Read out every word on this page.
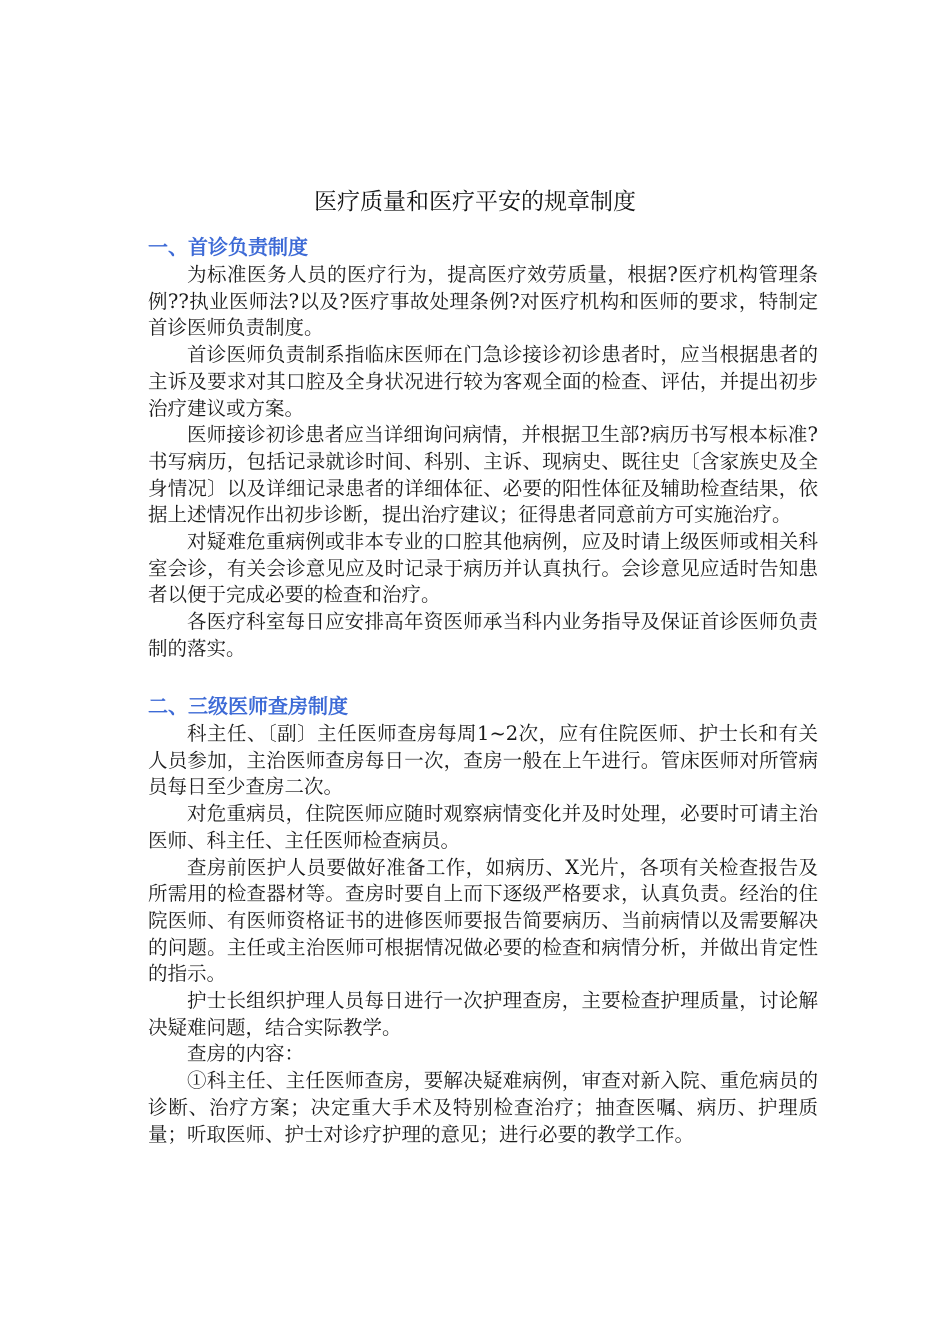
医疗质量和医疗平安的规章制度
一、首诊负责制度

为标准医务人员的医疗行为，提高医疗效劳质量，根据?医疗机构管理条例??执业医师法?以及?医疗事故处理条例?对医疗机构和医师的要求，特制定首诊医师负责制度。

首诊医师负责制系指临床医师在门急诊接诊初诊患者时，应当根据患者的主诉及要求对其口腔及全身状况进行较为客观全面的检查、评估，并提出初步治疗建议或方案。

医师接诊初诊患者应当详细询问病情，并根据卫生部?病历书写根本标准?书写病历，包括记录就诊时间、科别、主诉、现病史、既往史〔含家族史及全身情况〕以及详细记录患者的详细体征、必要的阳性体征及辅助检查结果，依据上述情况作出初步诊断，提出治疗建议；征得患者同意前方可实施治疗。

对疑难危重病例或非本专业的口腔其他病例，应及时请上级医师或相关科室会诊，有关会诊意见应及时记录于病历并认真执行。会诊意见应适时告知患者以便于完成必要的检查和治疗。

各医疗科室每日应安排高年资医师承当科内业务指导及保证首诊医师负责制的落实。

二、三级医师查房制度

科主任、〔副〕主任医师查房每周1~2次，应有住院医师、护士长和有关人员参加，主治医师查房每日一次，查房一般在上午进行。管床医师对所管病员每日至少查房二次。

对危重病员，住院医师应随时观察病情变化并及时处理，必要时可请主治医师、科主任、主任医师检查病员。

查房前医护人员要做好准备工作，如病历、X光片，各项有关检查报告及所需用的检查器材等。查房时要自上而下逐级严格要求，认真负责。经治的住院医师、有医师资格证书的进修医师要报告简要病历、当前病情以及需要解决的问题。主任或主治医师可根据情况做必要的检查和病情分析，并做出肯定性的指示。

护士长组织护理人员每日进行一次护理查房，主要检查护理质量，讨论解决疑难问题，结合实际教学。

查房的内容：

①科主任、主任医师查房，要解决疑难病例，审查对新入院、重危病员的诊断、治疗方案；决定重大手术及特别检查治疗；抽查医嘱、病历、护理质量；听取医师、护士对诊疗护理的意见；进行必要的教学工作。
